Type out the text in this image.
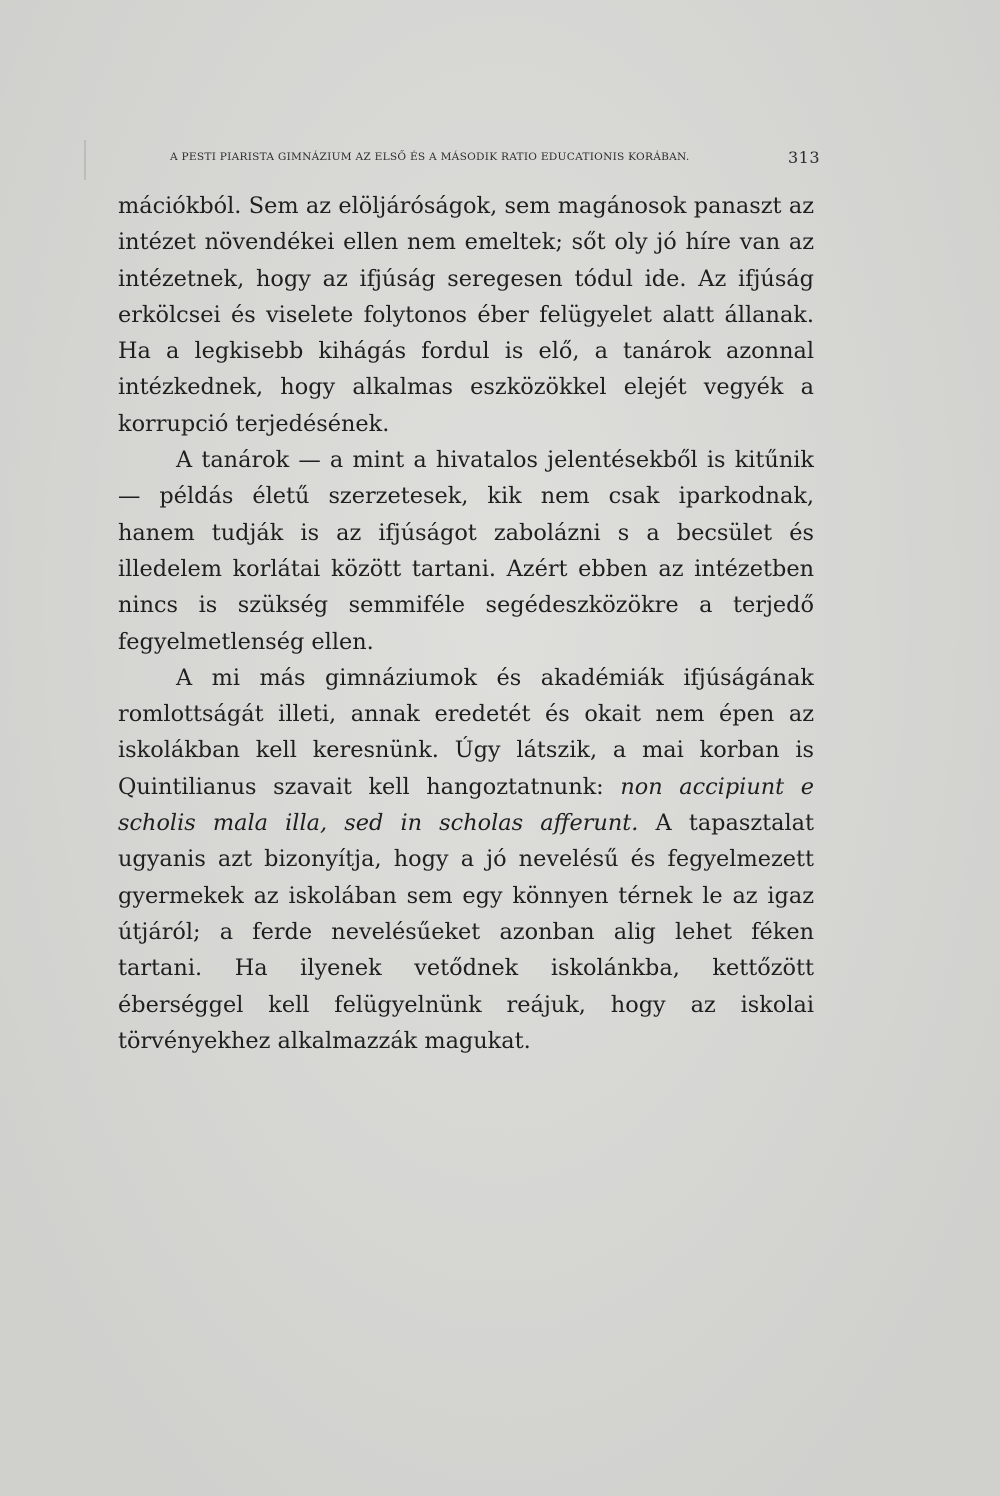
A PESTI PIARISTA GIMNÁZIUM AZ ELSŐ ÉS A MÁSODIK RATIO EDUCATIONIS KORÁBAN.	313

mációkból. Sem az elöljáróságok, sem magánosok panaszt az intézet növendékei ellen nem emeltek; sőt oly jó híre van az intézetnek, hogy az ifjúság seregesen tódul ide. Az ifjúság erkölcsei és viselete folytonos éber felügyelet alatt állanak. Ha a legkisebb kihágás fordul is elő, a tanárok azonnal intézkednek, hogy alkalmas eszközökkel elejét vegyék a korrupció terjedésének.

A tanárok — a mint a hivatalos jelentésekből is kitűnik — példás életű szerzetesek, kik nem csak iparkodnak, hanem tudják is az ifjúságot zabolázni s a becsület és illedelem korlátai között tartani. Azért ebben az intézetben nincs is szükség semmiféle segédeszközökre a terjedő fegyelmetlenség ellen.

A mi más gimnáziumok és akadémiák ifjúságának romlottságát illeti, annak eredetét és okait nem épen az iskolákban kell keresnünk. Úgy látszik, a mai korban is Quintilianus szavait kell hangoztatnunk: non accipiunt e scholis mala illa, sed in scholas afferunt. A tapasztalat ugyanis azt bizonyítja, hogy a jó nevelésű és fegyelmezett gyermekek az iskolában sem egy könnyen térnek le az igaz útjáról; a ferde nevelésűeket azonban alig lehet féken tartani. Ha ilyenek vetődnek iskolánkba, kettőzött éberséggel kell felügyelnünk reájuk, hogy az iskolai törvényekhez alkalmazzák magukat.
